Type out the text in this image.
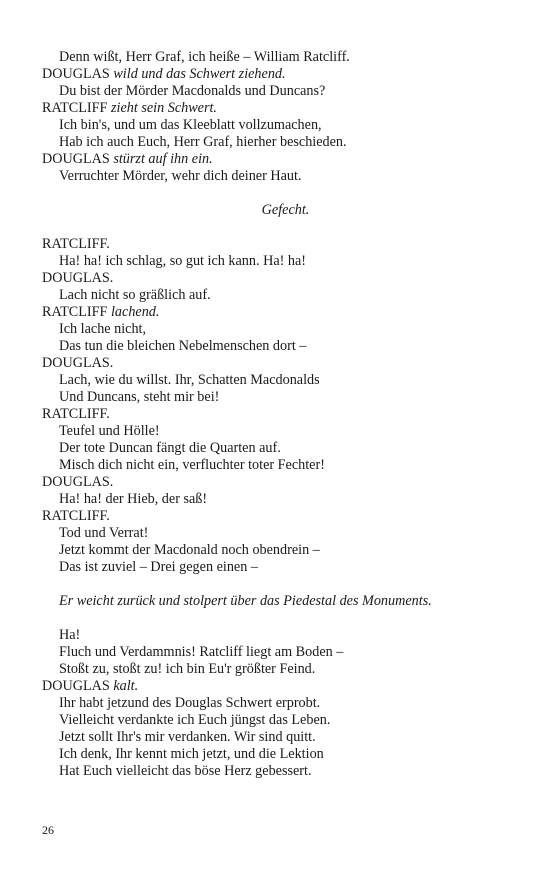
Denn wißt, Herr Graf, ich heiße – William Ratcliff.
DOUGLAS wild und das Schwert ziehend.
Du bist der Mörder Macdonalds und Duncans?
RATCLIFF zieht sein Schwert.
Ich bin's, und um das Kleeblatt vollzumachen,
Hab ich auch Euch, Herr Graf, hierher beschieden.
DOUGLAS stürzt auf ihn ein.
Verruchter Mörder, wehr dich deiner Haut.
Gefecht.
RATCLIFF.
Ha! ha! ich schlag, so gut ich kann. Ha! ha!
DOUGLAS.
Lach nicht so gräßlich auf.
RATCLIFF lachend.
Ich lache nicht,
Das tun die bleichen Nebelmenschen dort –
DOUGLAS.
Lach, wie du willst. Ihr, Schatten Macdonalds
Und Duncans, steht mir bei!
RATCLIFF.
Teufel und Hölle!
Der tote Duncan fängt die Quarten auf.
Misch dich nicht ein, verfluchter toter Fechter!
DOUGLAS.
Ha! ha! der Hieb, der saß!
RATCLIFF.
Tod und Verrat!
Jetzt kommt der Macdonald noch obendrein –
Das ist zuviel – Drei gegen einen –
Er weicht zurück und stolpert über das Piedestal des Monuments.
Ha!
Fluch und Verdammnis! Ratcliff liegt am Boden –
Stoßt zu, stoßt zu! ich bin Eu'r größter Feind.
DOUGLAS kalt.
Ihr habt jetzund des Douglas Schwert erprobt.
Vielleicht verdankte ich Euch jüngst das Leben.
Jetzt sollt Ihr's mir verdanken. Wir sind quitt.
Ich denk, Ihr kennt mich jetzt, und die Lektion
Hat Euch vielleicht das böse Herz gebessert.
26
